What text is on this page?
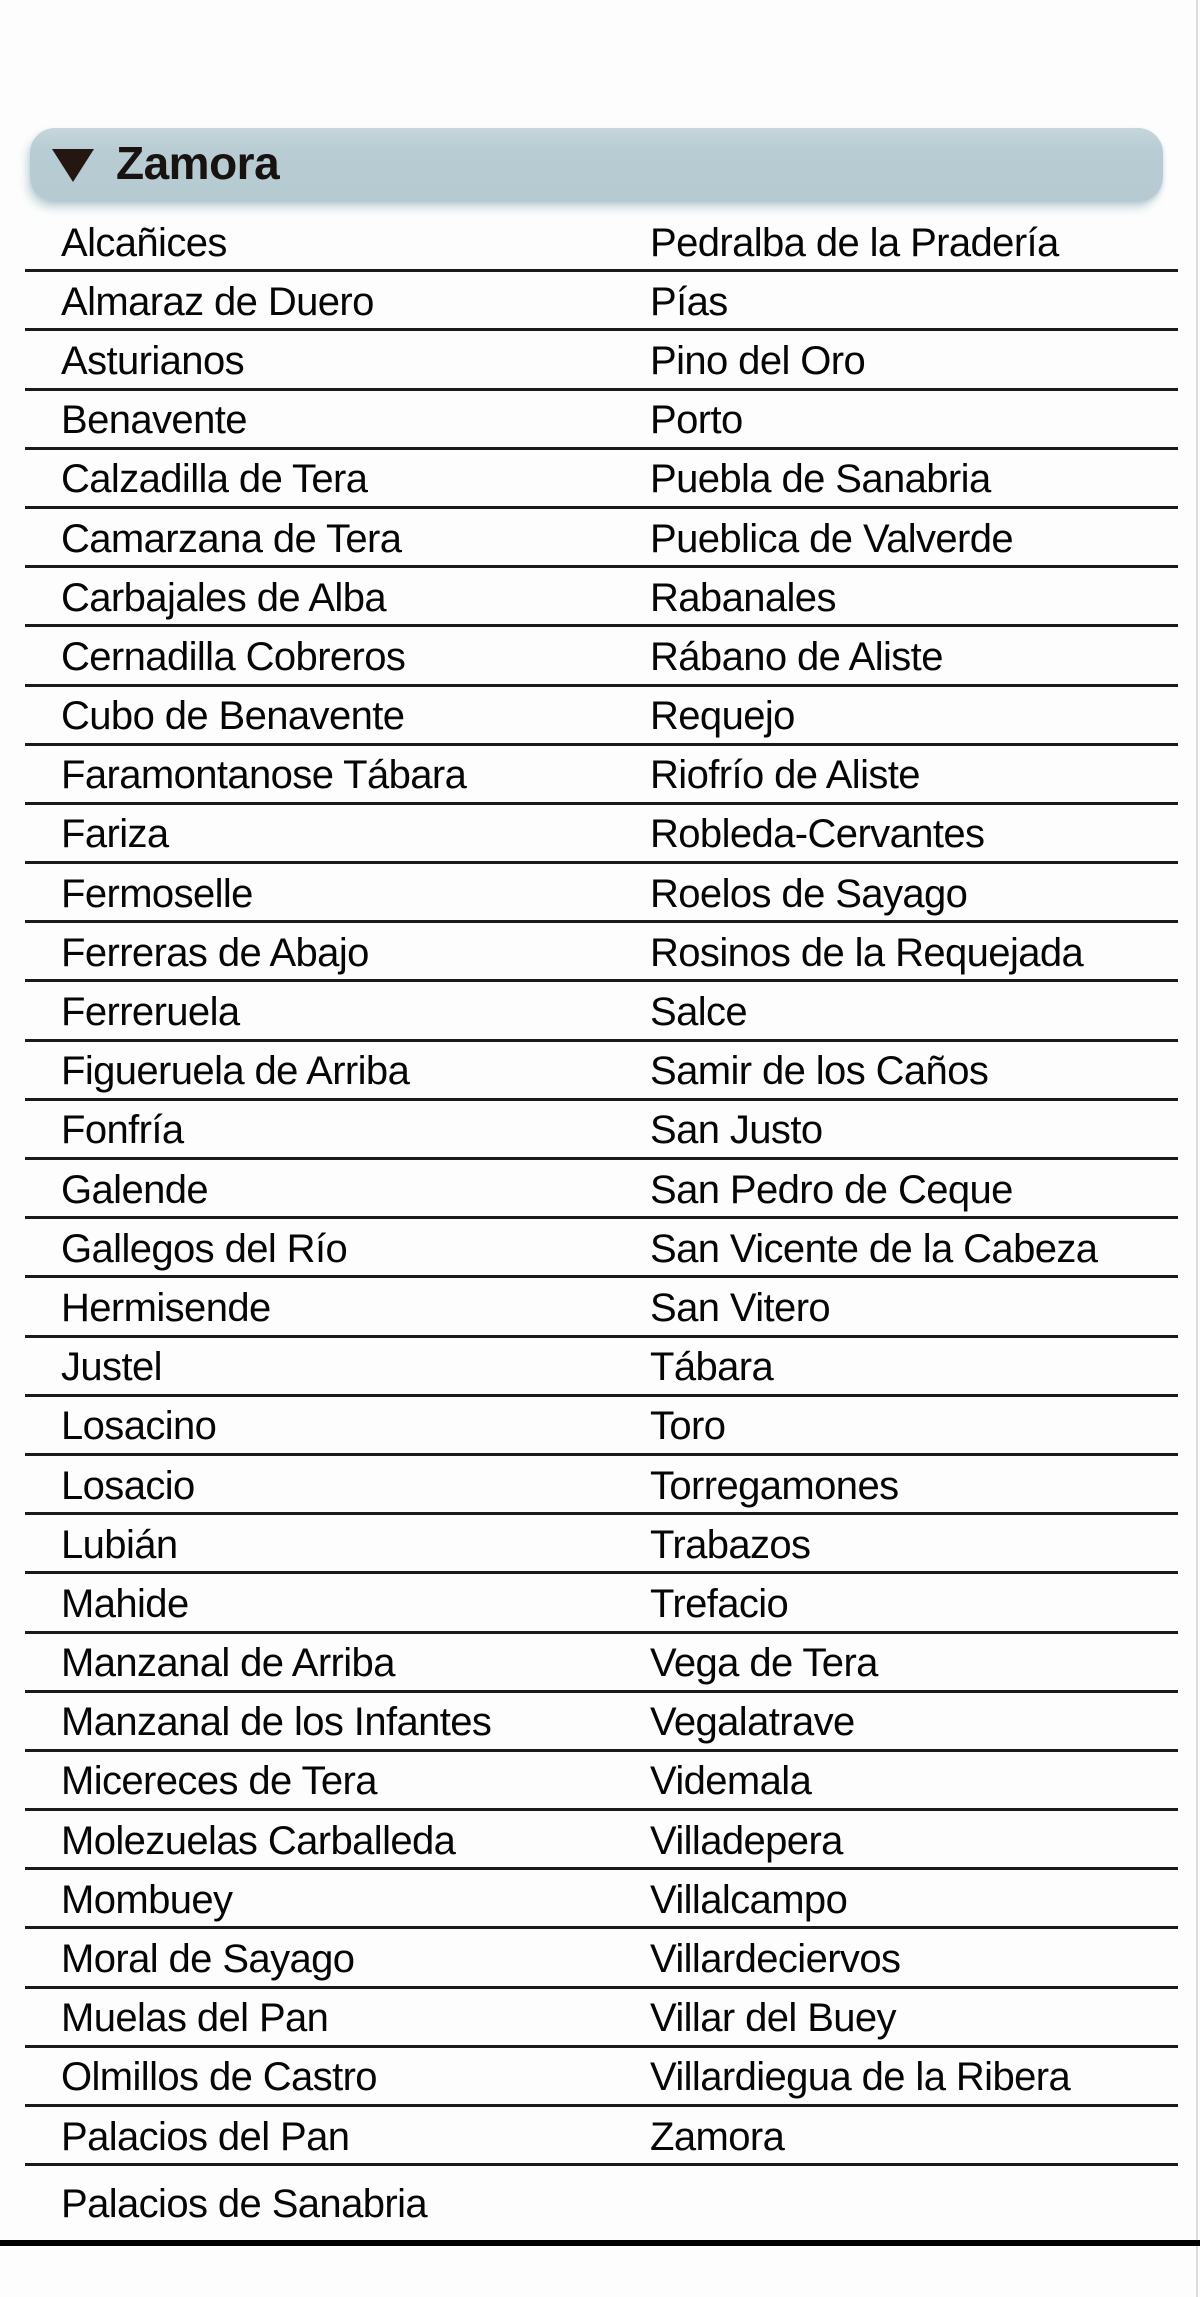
Zamora
Alcañices	Pedralba de la Pradería
Almaraz de Duero	Pías
Asturianos	Pino del Oro
Benavente	Porto
Calzadilla de Tera	Puebla de Sanabria
Camarzana de Tera	Pueblica de Valverde
Carbajales de Alba	Rabanales
Cernadilla Cobreros	Rábano de Aliste
Cubo de Benavente	Requejo
Faramontanose Tábara	Riofrío de Aliste
Fariza	Robleda-Cervantes
Fermoselle	Roelos de Sayago
Ferreras de Abajo	Rosinos de la Requejada
Ferreruela	Salce
Figueruela de Arriba	Samir de los Caños
Fonfría	San Justo
Galende	San Pedro de Ceque
Gallegos del Río	San Vicente de la Cabeza
Hermisende	San Vitero
Justel	Tábara
Losacino	Toro
Losacio	Torregamones
Lubián	Trabazos
Mahide	Trefacio
Manzanal de Arriba	Vega de Tera
Manzanal de los Infantes	Vegalatrave
Micereces de Tera	Videmala
Molezuelas Carballeda	Villadepera
Mombuey	Villalcampo
Moral de Sayago	Villardeciervos
Muelas del Pan	Villar del Buey
Olmillos de Castro	Villardiegua de la Ribera
Palacios del Pan	Zamora
Palacios de Sanabria
